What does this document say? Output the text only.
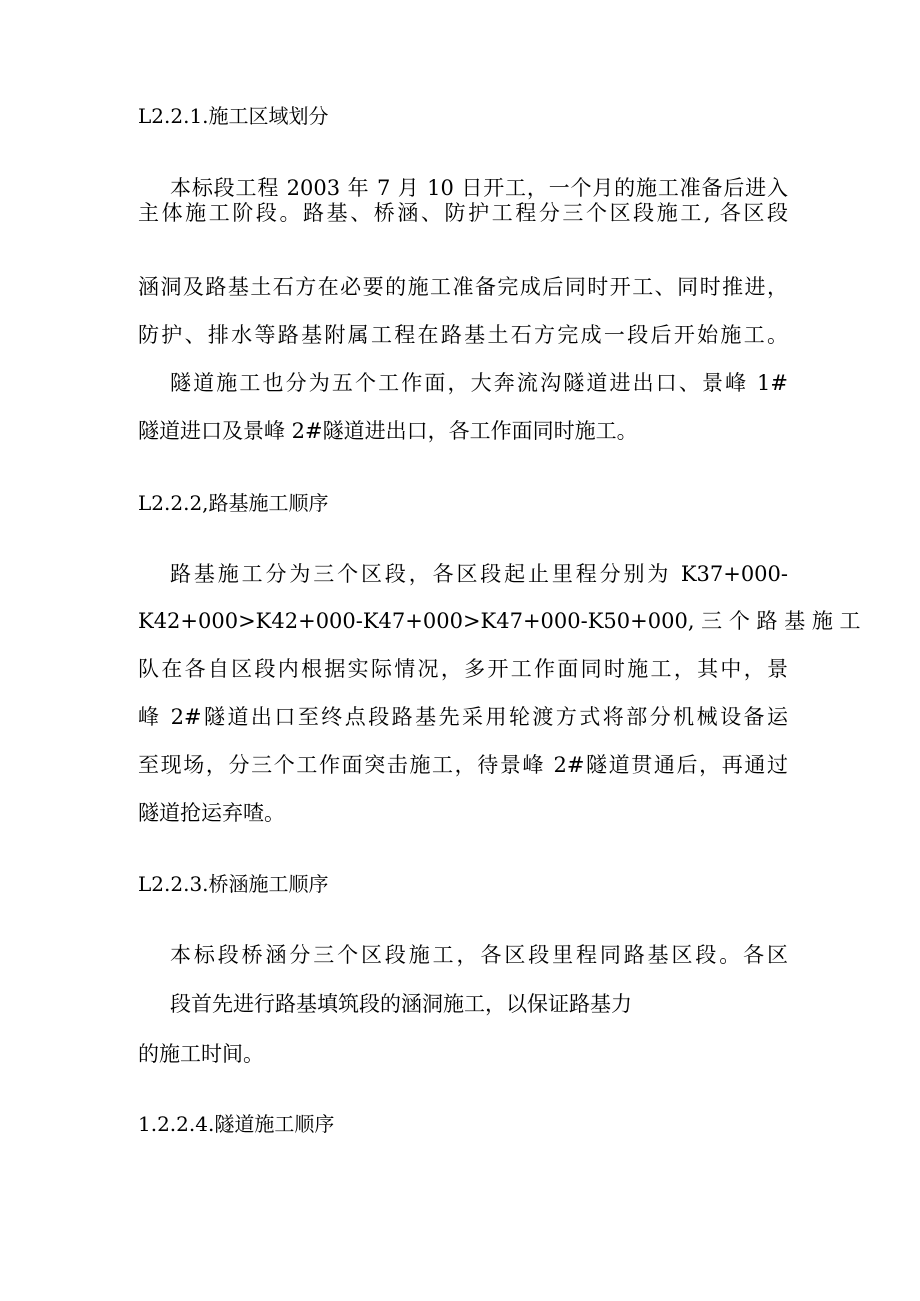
L2.2.1.施工区域划分
本标段工程 2003 年 7 月 10 日开工，一个月的施工准备后进入
主体施工阶段。路基、桥涵、防护工程分三个区段施工, 各区段
涵洞及路基土石方在必要的施工准备完成后同时开工、同时推进，
防护、排水等路基附属工程在路基土石方完成一段后开始施工。
隧道施工也分为五个工作面，大奔流沟隧道进出口、景峰 1#
隧道进口及景峰 2#隧道进出口，各工作面同时施工。
L2.2.2,路基施工顺序
路基施工分为三个区段，各区段起止里程分别为 K37+000-
K42+000>K42+000-K47+000>K47+000-K50+000, 三 个 路 基 施 工
队在各自区段内根据实际情况，多开工作面同时施工，其中，景
峰 2#隧道出口至终点段路基先采用轮渡方式将部分机械设备运
至现场，分三个工作面突击施工，待景峰 2#隧道贯通后，再通过
隧道抢运弃喳。
L2.2.3.桥涵施工顺序
本标段桥涵分三个区段施工，各区段里程同路基区段。各区
段首先进行路基填筑段的涵洞施工，以保证路基力
的施工时间。
1.2.2.4.隧道施工顺序
